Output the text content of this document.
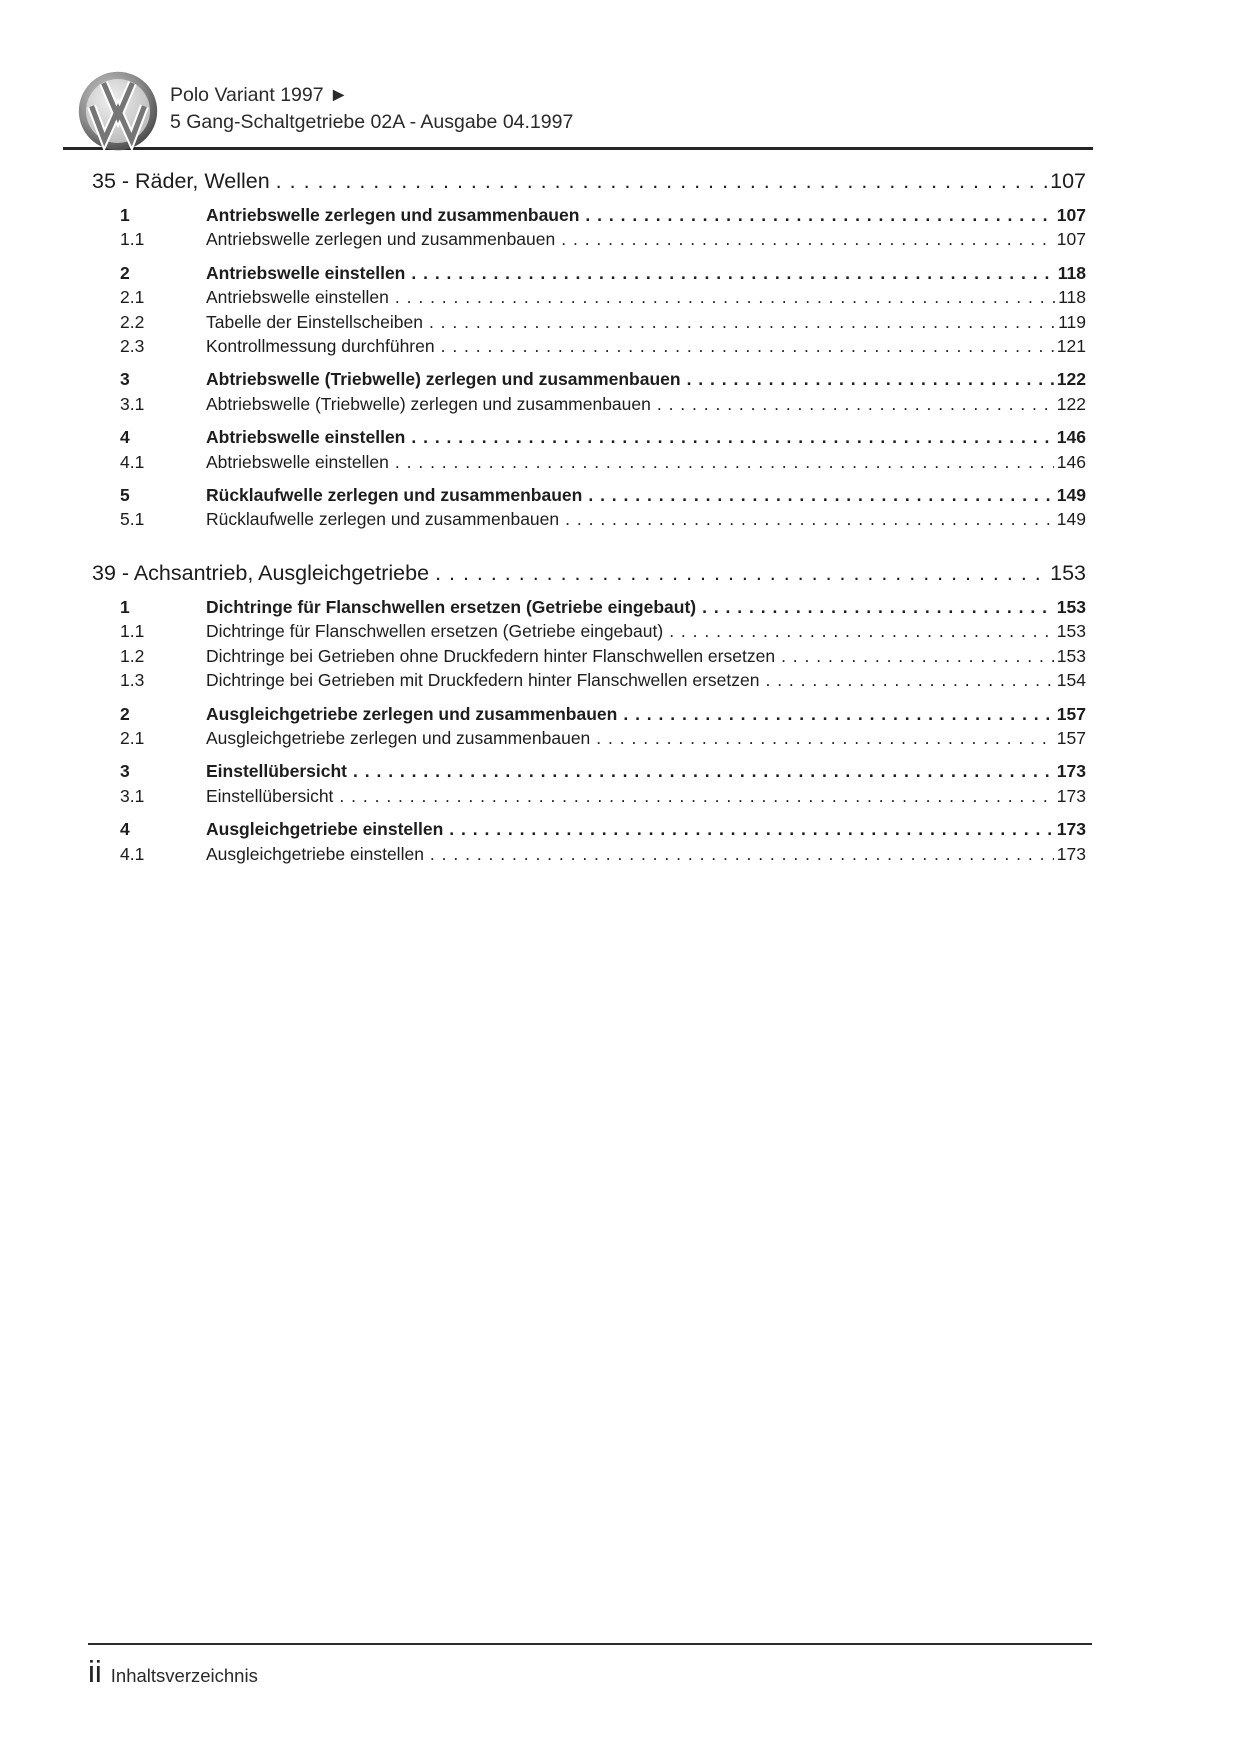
Polo Variant 1997 ►
5 Gang-Schaltgetriebe 02A - Ausgabe 04.1997
35 - Räder, Wellen . . .	107
1	Antriebswelle zerlegen und zusammenbauen . . .	107
1.1	Antriebswelle zerlegen und zusammenbauen . . .	107
2	Antriebswelle einstellen . . .	118
2.1	Antriebswelle einstellen . . .	118
2.2	Tabelle der Einstellscheiben . . .	119
2.3	Kontrollmessung durchführen . . .	121
3	Abtriebswelle (Triebwelle) zerlegen und zusammenbauen . . .	122
3.1	Abtriebswelle (Triebwelle) zerlegen und zusammenbauen . . .	122
4	Abtriebswelle einstellen . . .	146
4.1	Abtriebswelle einstellen . . .	146
5	Rücklaufwelle zerlegen und zusammenbauen . . .	149
5.1	Rücklaufwelle zerlegen und zusammenbauen . . .	149
39 - Achsantrieb, Ausgleichgetriebe . . .	153
1	Dichtringe für Flanschwellen ersetzen (Getriebe eingebaut) . . .	153
1.1	Dichtringe für Flanschwellen ersetzen (Getriebe eingebaut) . . .	153
1.2	Dichtringe bei Getrieben ohne Druckfedern hinter Flanschwellen ersetzen . . .	153
1.3	Dichtringe bei Getrieben mit Druckfedern hinter Flanschwellen ersetzen . . .	154
2	Ausgleichgetriebe zerlegen und zusammenbauen . . .	157
2.1	Ausgleichgetriebe zerlegen und zusammenbauen . . .	157
3	Einstellübersicht . . .	173
3.1	Einstellübersicht . . .	173
4	Ausgleichgetriebe einstellen . . .	173
4.1	Ausgleichgetriebe einstellen . . .	173
ii Inhaltsverzeichnis
